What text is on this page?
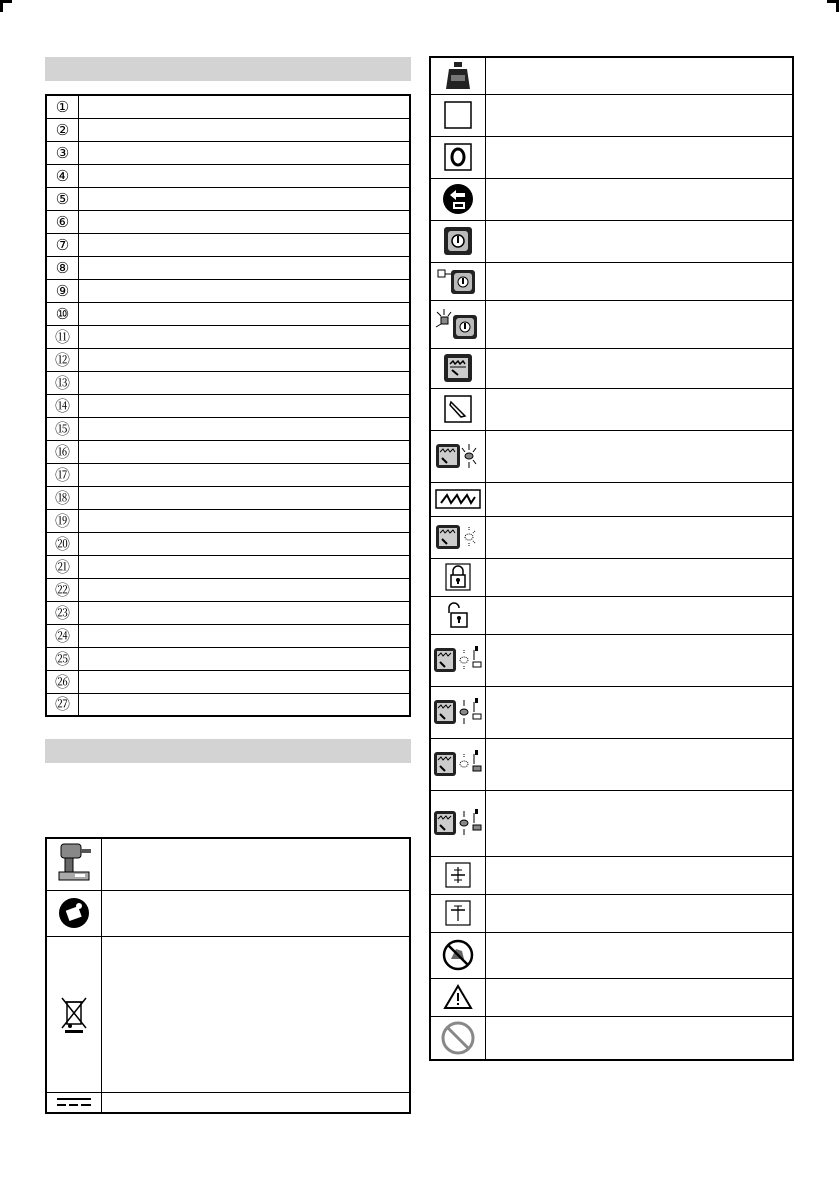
①	
②	
③	
④	
⑤	
⑥	
⑦	
⑧	
⑨	
⑩	
⑪	
⑫	
⑬	
⑭	
⑮	
⑯	
⑰	
⑱	
⑲	
⑳	
㉑	
㉒	
㉓	
㉔	
㉕	
㉖	
㉗	
